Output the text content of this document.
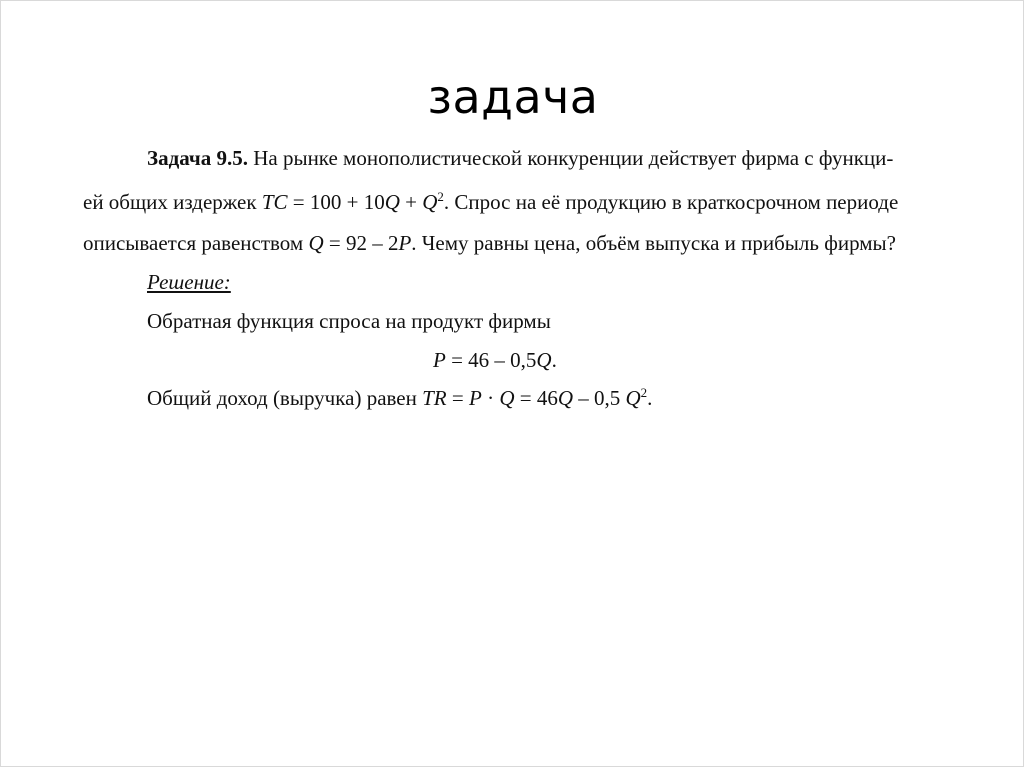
задача
Задача 9.5. На рынке монополистической конкуренции действует фирма с функци-
ей общих издержек TC = $100 + 10Q + Q^2$. Спрос на её продукцию в краткосрочном периоде
описывается равенством Q = 92 – 2P. Чему равны цена, объём выпуска и прибыль фирмы?
Решение:
Обратная функция спроса на продукт фирмы
P = 46 – 0,5Q.
Общий доход (выручка) равен TR = P · Q = 46Q – 0,5 $Q^2$.
